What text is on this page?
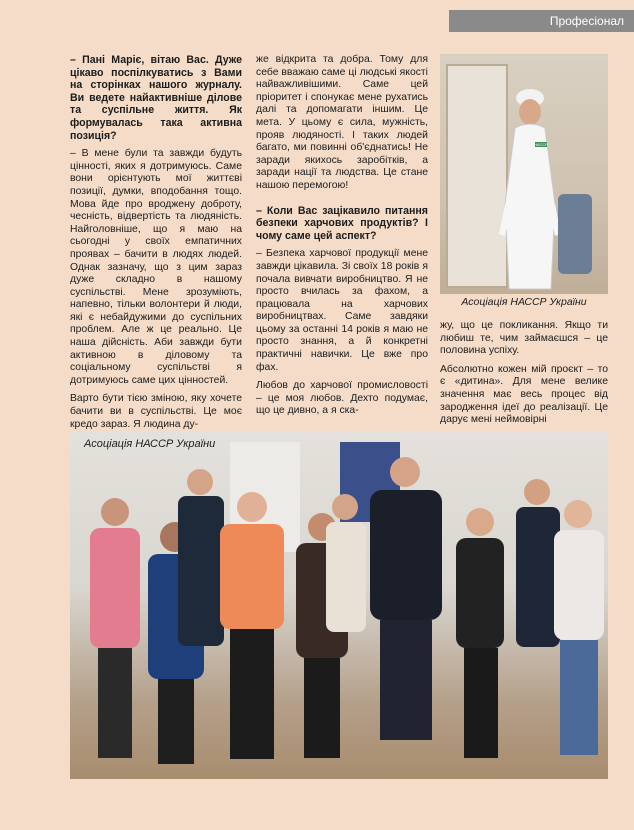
Професіонал

– Пані Маріє, вітаю Вас. Дуже цікаво поспілкуватись з Вами на сторінках нашого журналу. Ви ведете найактивніше ділове та суспільне життя. Як формувалась така активна позиція?

– В мене були та завжди будуть цінності, яких я дотримуюсь. Саме вони орієнтують мої життєві позиції, думки, вподобання тощо. Мова йде про вроджену доброту, чесність, відвертість та людяність. Найголовніше, що я маю на сьогодні у своїх емпатичних проявах – бачити в людях людей. Однак зазначу, що з цим зараз дуже складно в нашому суспільстві. Мене зрозуміють, напевно, тільки волонтери й люди, які є небайдужими до суспільних проблем. Але ж це реально. Це наша дійсність. Аби завжди бути активною в діловому та соціальному суспільстві я дотримуюсь саме цих цінностей.

Варто бути тією зміною, яку хочете бачити ви в суспільстві. Це моє кредо зараз. Я людина ду-

же відкрита та добра. Тому для себе вважаю саме ці людські якості найважливішими. Саме цей пріоритет і спонукає мене рухатись далі та допомагати іншим. Це мета. У цьому є сила, мужність, прояв людяності. І таких людей багато, ми повинні об'єднатись! Не заради якихось заробітків, а заради нації та людства. Це стане нашою перемогою!

– Коли Вас зацікавило питання безпеки харчових продуктів? І чому саме цей аспект?

– Безпека харчової продукції мене завжди цікавила. Зі своїх 18 років я почала вивчати виробництво. Я не просто вчилась за фахом, а працювала на харчових виробництвах. Саме завдяки цьому за останні 14 років я маю не просто знання, а й конкретні практичні навички. Це вже про фах.

Любов до харчової промисловості – це моя любов. Дехто подумає, що це дивно, а я ска-

НАССР
Асоціація НАССР України

жу, що це покликання. Якщо ти любиш те, чим займаєшся – це половина успіху.

Абсолютно кожен мій проєкт – то є «дитина». Для мене велике значення має весь процес від зародження ідеї до реалізації. Це дарує мені неймовірні

Асоціація НАССР України
